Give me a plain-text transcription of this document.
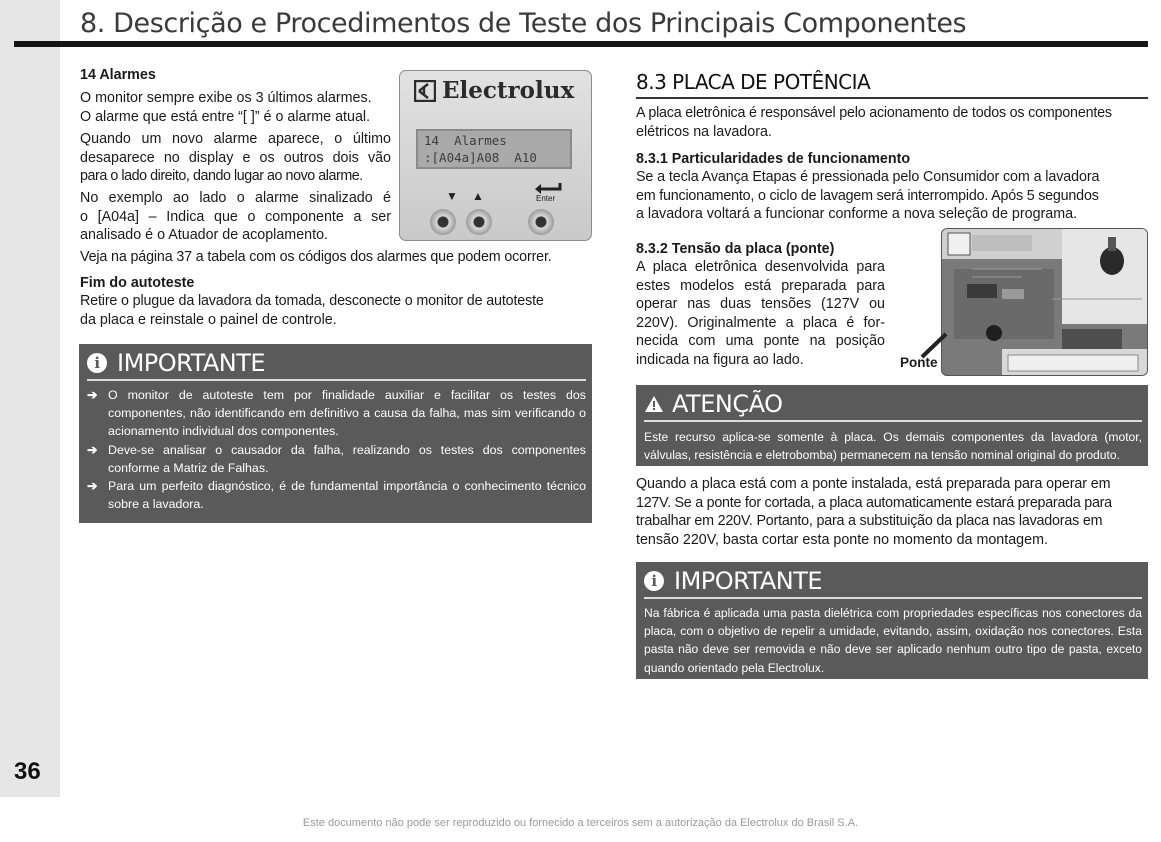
36
8. Descrição e Procedimentos de Teste dos Principais Componentes
14 Alarmes
O monitor sempre exibe os 3 últimos alarmes.
O alarme que está entre “[ ]” é o alarme atual.
Quando um novo alarme aparece, o último
desaparece no display e os outros dois vão
para o lado direito, dando lugar ao novo alarme.
No exemplo ao lado o alarme sinalizado é
o [A04a] – Indica que o componente a ser
analisado é o Atuador de acoplamento.
Veja na página 37 a tabela com os códigos dos alarmes que podem ocorrer.
Fim do autoteste
Retire o plugue da lavadora da tomada, desconecte o monitor de autoteste
da placa e reinstale o painel de controle.
Electrolux
14  Alarmes
:[A04a]A08  A10
▼ ▲	Enter
i IMPORTANTE
➔ O monitor de autoteste tem por finalidade auxiliar e facilitar os testes dos componentes, não identificando em definitivo a causa da falha, mas sim verificando o acionamento individual dos componentes.
➔ Deve-se analisar o causador da falha, realizando os testes dos componentes conforme a Matriz de Falhas.
➔ Para um perfeito diagnóstico, é de fundamental importância o conhecimento técnico sobre a lavadora.
8.3 PLACA DE POTÊNCIA
A placa eletrônica é responsável pelo acionamento de todos os componentes
elétricos na lavadora.
8.3.1 Particularidades de funcionamento
Se a tecla Avança Etapas é pressionada pelo Consumidor com a lavadora
em funcionamento, o ciclo de lavagem será interrompido. Após 5 segundos
a lavadora voltará a funcionar conforme a nova seleção de programa.
8.3.2 Tensão da placa (ponte)
A placa eletrônica desenvolvida para
estes modelos está preparada para
operar nas duas tensões (127V ou
220V). Originalmente a placa é for-
necida com uma ponte na posição
indicada na figura ao lado.	Ponte
ATENÇÃO
Este recurso aplica-se somente à placa. Os demais componentes da lavadora (motor, válvulas, resistência e eletrobomba) permanecem na tensão nominal original do produto.
Quando a placa está com a ponte instalada, está preparada para operar em
127V. Se a ponte for cortada, a placa automaticamente estará preparada para
trabalhar em 220V. Portanto, para a substituição da placa nas lavadoras em
tensão 220V, basta cortar esta ponte no momento da montagem.
i IMPORTANTE
Na fábrica é aplicada uma pasta dielétrica com propriedades específicas nos conectores da placa, com o objetivo de repelir a umidade, evitando, assim, oxidação nos conectores. Esta pasta não deve ser removida e não deve ser aplicado nenhum outro tipo de pasta, exceto quando orientado pela Electrolux.
Este documento não pode ser reproduzido ou fornecido a terceiros sem a autorização da Electrolux do Brasil S.A.
